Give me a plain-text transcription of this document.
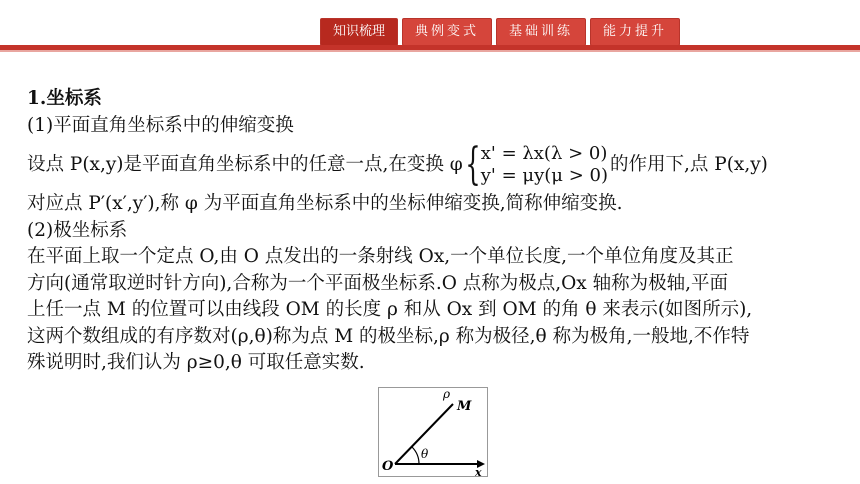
知识梳理	典例变式	基础训练	能力提升
1.坐标系
(1)平面直角坐标系中的伸缩变换
设点 P(x,y)是平面直角坐标系中的任意一点,在变换 φ { x' = λx(λ > 0)
y' = μy(μ > 0)
的作用下,点 P(x,y)
对应点 P′(x′,y′),称 φ 为平面直角坐标系中的坐标伸缩变换,简称伸缩变换.
(2)极坐标系
在平面上取一个定点 O,由 O 点发出的一条射线 Ox,一个单位长度,一个单位角度及其正
方向(通常取逆时针方向),合称为一个平面极坐标系.O 点称为极点,Ox 轴称为极轴,平面
上任一点 M 的位置可以由线段 OM 的长度 ρ 和从 Ox 到 OM 的角 θ 来表示(如图所示),
这两个数组成的有序数对(ρ,θ)称为点 M 的极坐标,ρ 称为极径,θ 称为极角,一般地,不作特
殊说明时,我们认为 ρ≥0,θ 可取任意实数.
O
M
ρ
θ
x
